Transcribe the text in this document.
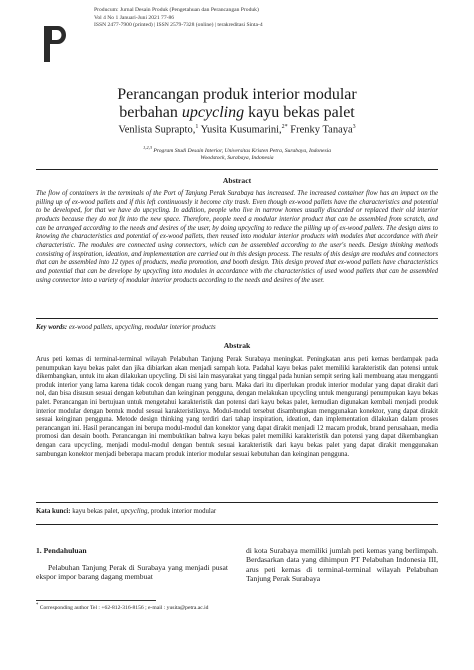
Producum: Jurnal Desain Produk (Pengetahuan dan Perancangan Produk)
Vol 4 No 1 Januari-Juni 2021 77-86
ISSN 2477-7900 (printed) | ISSN 2579-7328 (online) | terakreditasi Sinta-4
Perancangan produk interior modular
berbahan upcycling kayu bekas palet
Venlista Suprapto,$^1$ Yusita Kusumarini,$^{2*}$ Frenky Tanaya$^3$
$^{1,2,3}$ Program Studi Desain Interior, Universitas Kristen Petra, Surabaya, Indonesia
Woodstock, Surabaya, Indonesia
Abstract
The flow of containers in the terminals of the Port of Tanjung Perak Surabaya has increased. The increased container flow has an impact on the pilling up of ex-wood pallets and if this left continuously it become city trash. Even though ex-wood pallets have the characteristics and potential to be developed, for that we have do upcycling. In addition, people who live in narrow homes usually discarded or replaced their old interior products because they do not fit into the new space. Therefore, people need a modular interior product that can be assembled from scratch, and can be arranged according to the needs and desires of the user, by doing upcycling to reduce the pilling up of ex-wood pallets. The design aims to knowing the characteristics and potential of ex-wood pallets, then reused into modular interior products with modules that accordance with their characteristic. The modules are connected using connectors, which can be assembled according to the user's needs. Design thinking methods consisting of inspiration, ideation, and implementation are carried out in this design process. The results of this design are modules and connectors that can be assembled into 12 types of products, media promotion, and booth design. This design proved that ex-wood pallets have characteristics and potential that can be develope by upcycling into modules in accordance with the characteristics of used wood pallets that can be assembled using connector into a variety of modular interior products according to the needs and desires of the user.
Key words: ex-wood pallets, upcycling, modular interior products
Abstrak
Arus peti kemas di terminal-terminal wilayah Pelabuhan Tanjung Perak Surabaya meningkat. Peningkatan arus peti kemas berdampak pada penumpukan kayu bekas palet dan jika dibiarkan akan menjadi sampah kota. Padahal kayu bekas palet memiliki karakteristik dan potensi untuk dikembangkan, untuk itu akan dilakukan upcycling. Di sisi lain masyarakat yang tinggal pada hunian sempit sering kali membuang atau mengganti produk interior yang lama karena tidak cocok dengan ruang yang baru. Maka dari itu diperlukan produk interior modular yang dapat dirakit dari nol, dan bisa disusun sesuai dengan kebutuhan dan keinginan pengguna, dengan melakukan upcycling untuk mengurangi penumpukan kayu bekas palet. Perancangan ini bertujuan untuk mengetahui karakteristik dan potensi dari kayu bekas palet, kemudian digunakan kembali menjadi produk interior modular dengan bentuk modul sesuai karakteristiknya. Modul-modul tersebut disambungkan menggunakan konektor, yang dapat dirakit sesuai keinginan pengguna. Metode design thinking yang terdiri dari tahap inspiration, ideation, dan implementation dilakukan dalam proses perancangan ini. Hasil perancangan ini berupa modul-modul dan konektor yang dapat dirakit menjadi 12 macam produk, brand perusahaan, media promosi dan desain booth. Perancangan ini membuktikan bahwa kayu bekas palet memiliki karakteristik dan potensi yang dapat dikembangkan dengan cara upcycling, menjadi modul-modul dengan bentuk sesuai karakteristik dari kayu bekas palet yang dapat dirakit menggunakan sambungan konektor menjadi beberapa macam produk interior modular sesuai kebutuhan dan keinginan pengguna.
Kata kunci: kayu bekas palet, upcycling, produk interior modular
1. Pendahuluan
Pelabuhan Tanjung Perak di Surabaya yang menjadi pusat ekspor impor barang dagang membuat
di kota Surabaya memiliki jumlah peti kemas yang berlimpah. Berdasarkan data yang dihimpun PT Pelabuhan Indonesia III, arus peti kemas di terminal-terminal wilayah Pelabuhan Tanjung Perak Surabaya
* Corresponding author Tel : +62-812-316-8156 ; e-mail : yusita@petra.ac.id
